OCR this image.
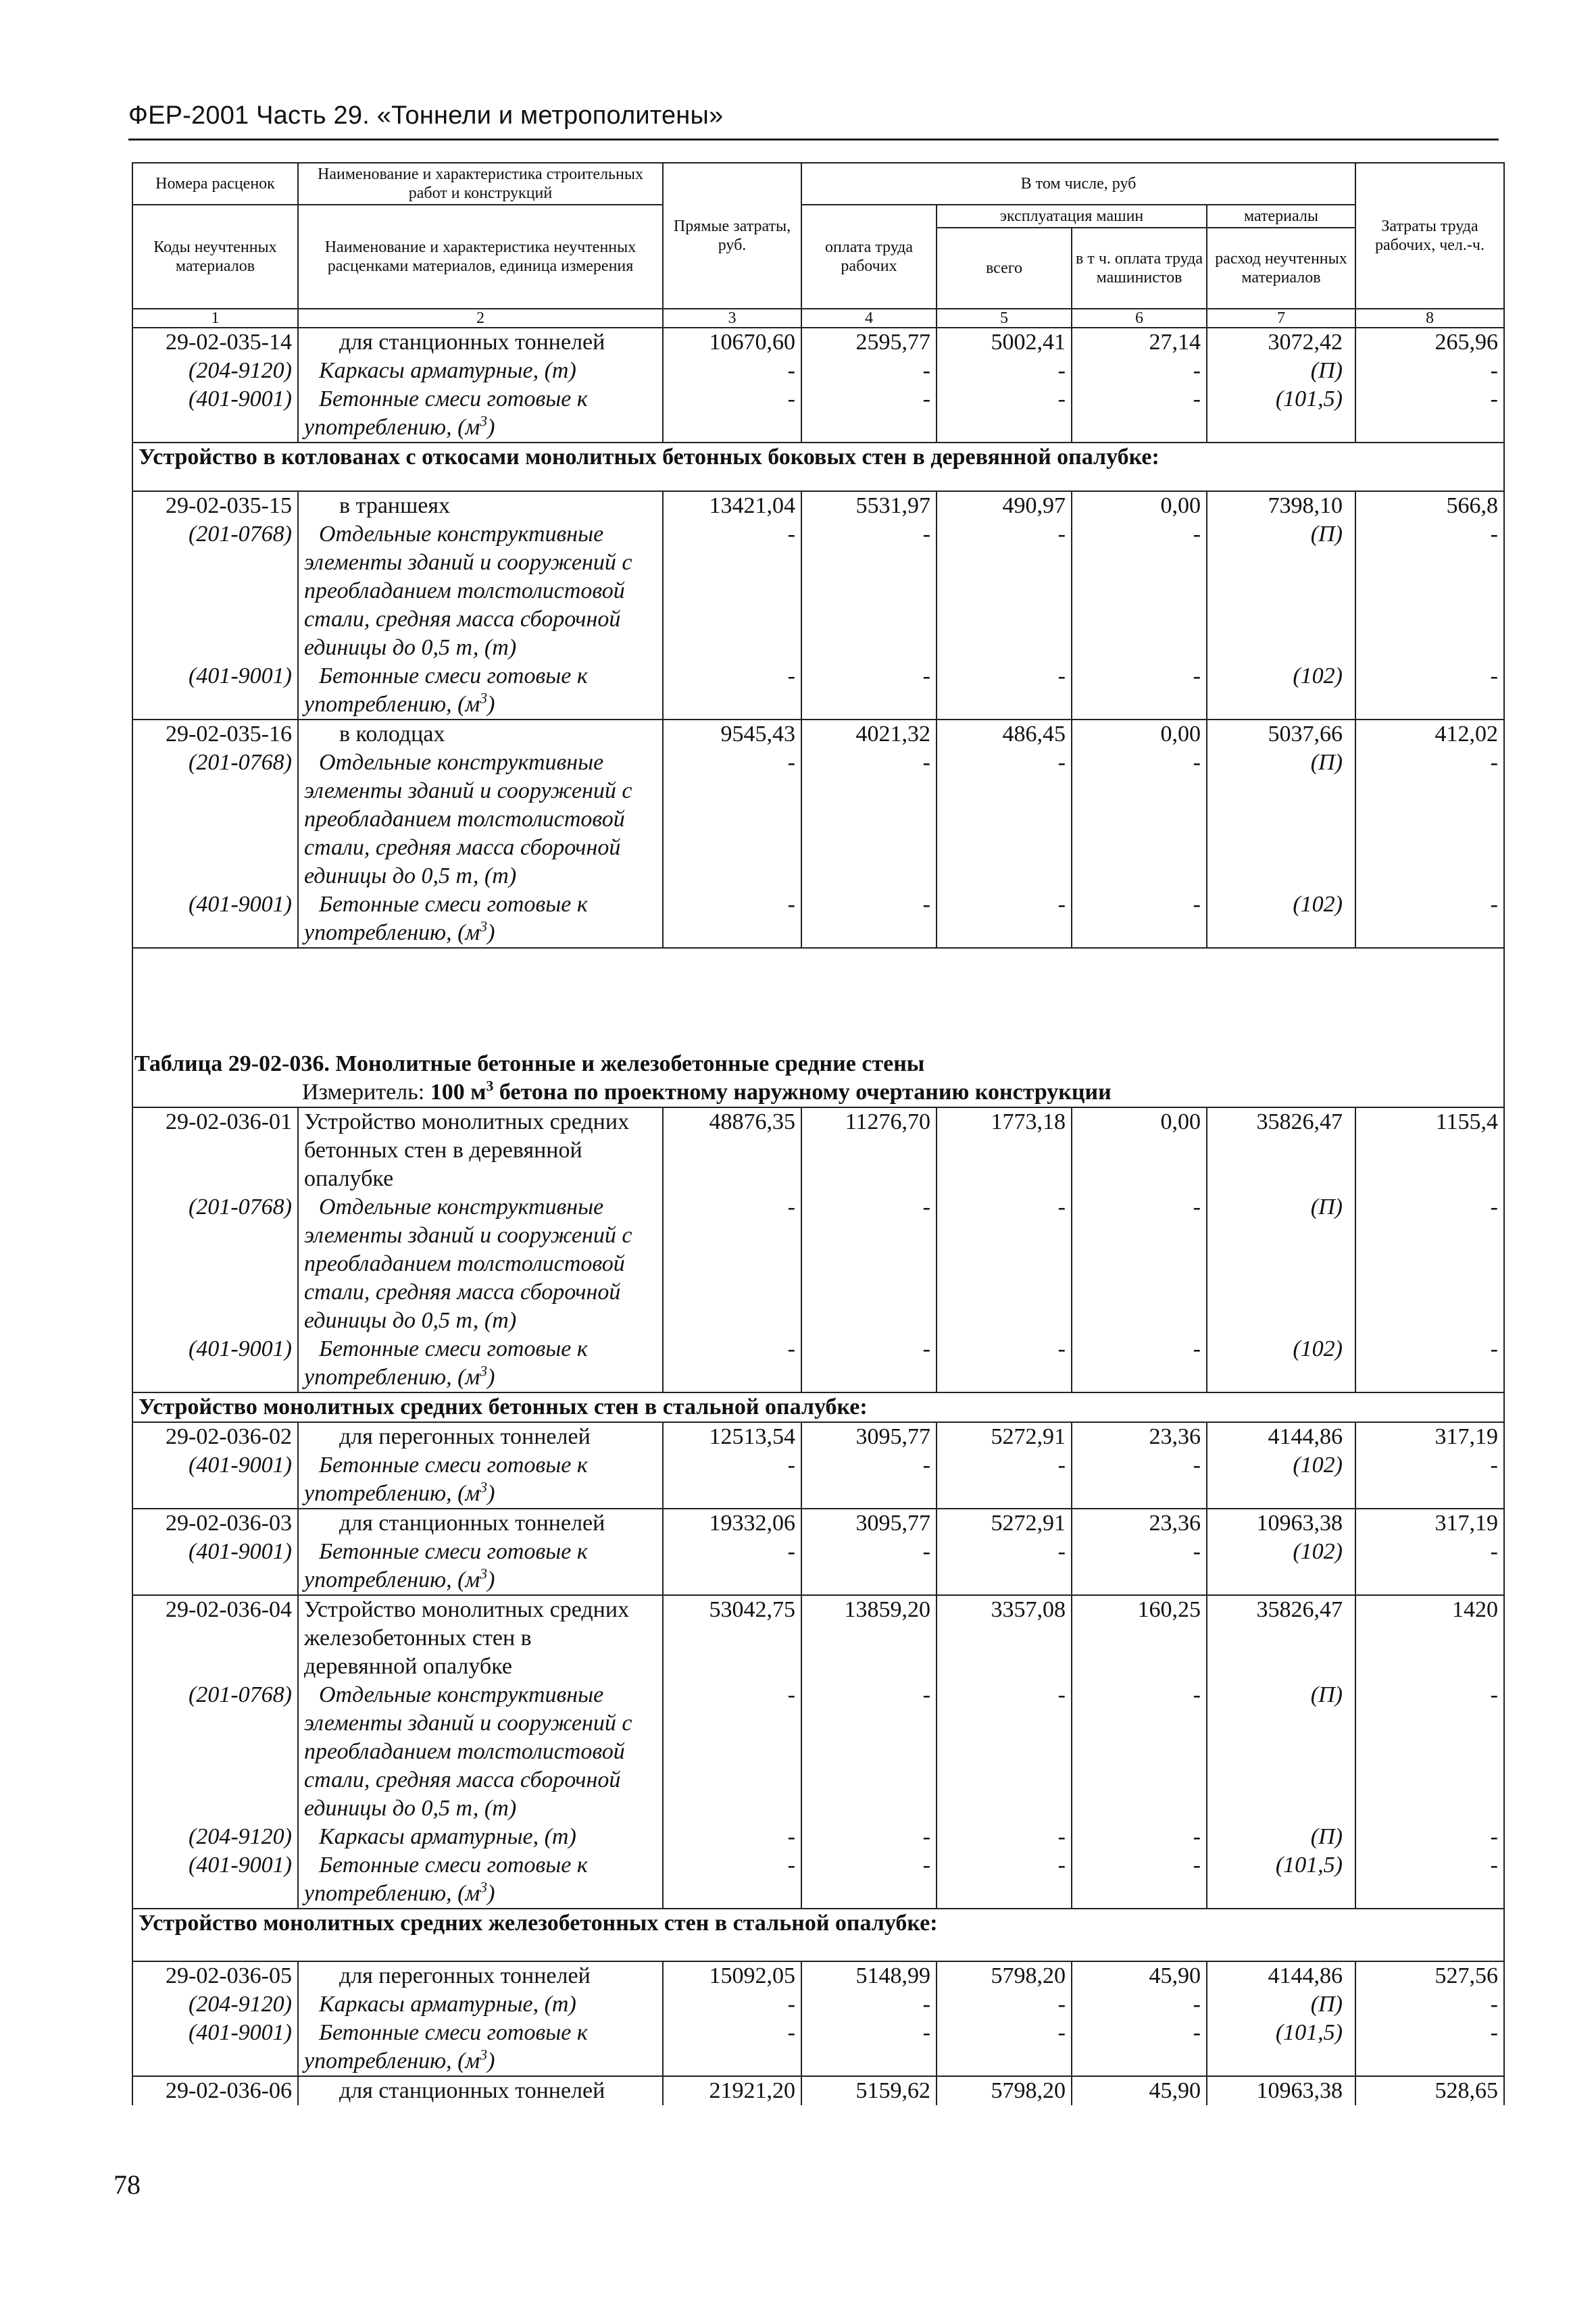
ФЕР-2001 Часть 29. «Тоннели и метрополитены»
Номера расценок	Наименование и характеристика строительных работ и конструкций	Прямые затраты, руб.	В том числе, руб				Затраты труда рабочих, чел.-ч.
Коды неучтенных материалов	Наименование и характеристика неучтенных расценками материалов, единица измерения		оплата труда рабочих	эксплуатация машин		материалы	
				всего	в т ч. оплата труда машинистов	расход неучтенных материалов	
1	2	3	4	5	6	7	8
29-02-035-14	для станционных тоннелей	10670,60	2595,77	5002,41	27,14	3072,42	265,96
(204-9120)	Каркасы арматурные, (т)	-	-	-	-	(П)	-
(401-9001)	Бетонные смеси готовые к
употреблению, $(м^3)$	-	-	-	-	(101,5)	-
Устройство в котлованах с откосами монолитных бетонных боковых стен в деревянной опалубке:							
29-02-035-15	в траншеях	13421,04	5531,97	490,97	0,00	7398,10	566,8
(201-0768)	Отдельные конструктивные
элементы зданий и сооружений с
преобладанием толстолистовой
стали, средняя масса сборочной
единицы до 0,5 т, (т)	-	-	-	-	(П)	-
(401-9001)	Бетонные смеси готовые к
употреблению, $(м^3)$	-	-	-	-	(102)	-
29-02-035-16	в колодцах	9545,43	4021,32	486,45	0,00	5037,66	412,02
(201-0768)	Отдельные конструктивные
элементы зданий и сооружений с
преобладанием толстолистовой
стали, средняя масса сборочной
единицы до 0,5 т, (т)	-	-	-	-	(П)	-
(401-9001)	Бетонные смеси готовые к
употреблению, $(м^3)$	-	-	-	-	(102)	-

Таблица 29-02-036. Монолитные бетонные и железобетонные средние стены							
Измеритель: 100 $м^3$ бетона по проектному наружному очертанию конструкции							
29-02-036-01	Устройство монолитных средних
бетонных стен в деревянной
опалубке	48876,35	11276,70	1773,18	0,00	35826,47	1155,4
(201-0768)	Отдельные конструктивные
элементы зданий и сооружений с
преобладанием толстолистовой
стали, средняя масса сборочной
единицы до 0,5 т, (т)	-	-	-	-	(П)	-
(401-9001)	Бетонные смеси готовые к
употреблению, $(м^3)$	-	-	-	-	(102)	-
Устройство монолитных средних бетонных стен в стальной опалубке:							
29-02-036-02	для перегонных тоннелей	12513,54	3095,77	5272,91	23,36	4144,86	317,19
(401-9001)	Бетонные смеси готовые к
употреблению, $(м^3)$	-	-	-	-	(102)	-
29-02-036-03	для станционных тоннелей	19332,06	3095,77	5272,91	23,36	10963,38	317,19
(401-9001)	Бетонные смеси готовые к
употреблению, $(м^3)$	-	-	-	-	(102)	-
29-02-036-04	Устройство монолитных средних
железобетонных стен в
деревянной опалубке	53042,75	13859,20	3357,08	160,25	35826,47	1420
(201-0768)	Отдельные конструктивные
элементы зданий и сооружений с
преобладанием толстолистовой
стали, средняя масса сборочной
единицы до 0,5 т, (т)	-	-	-	-	(П)	-
(204-9120)	Каркасы арматурные, (т)	-	-	-	-	(П)	-
(401-9001)	Бетонные смеси готовые к
употреблению, $(м^3)$	-	-	-	-	(101,5)	-
Устройство монолитных средних железобетонных стен в стальной опалубке:							
29-02-036-05	для перегонных тоннелей	15092,05	5148,99	5798,20	45,90	4144,86	527,56
(204-9120)	Каркасы арматурные, (т)	-	-	-	-	(П)	-
(401-9001)	Бетонные смеси готовые к
употреблению, $(м^3)$	-	-	-	-	(101,5)	-
29-02-036-06	для станционных тоннелей	21921,20	5159,62	5798,20	45,90	10963,38	528,65
78
